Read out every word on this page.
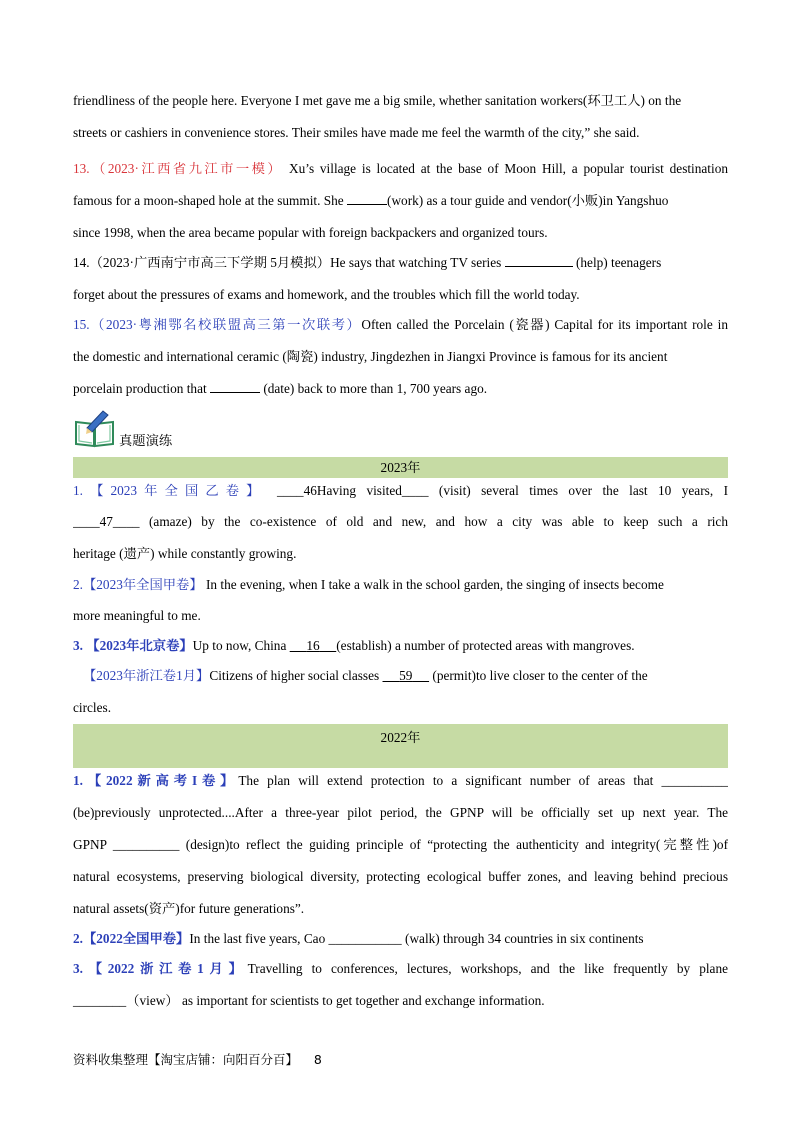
friendliness of the people here. Everyone I met gave me a big smile, whether sanitation workers(环卫工人) on the
streets or cashiers in convenience stores. Their smiles have made me feel the warmth of the city,” she said.
13.（2023·江西省九江市一模） Xu’s village is located at the base of Moon Hill, a popular tourist destination
famous for a moon-shaped hole at the summit. She	(work) as a tour guide and vendor(小贩)in Yangshuo
since 1998, when the area became popular with foreign backpackers and organized tours.
14.（2023·广西南宁市高三下学期 5月模拟）He says that watching TV series	(help) teenagers
forget about the pressures of exams and homework, and the troubles which fill the world today.
15.（2023·粤湘鄂名校联盟高三第一次联考）Often called the Porcelain (瓷器) Capital for its important role in
the domestic and international ceramic (陶瓷) industry, Jingdezhen in Jiangxi Province is famous for its ancient
porcelain production that	(date) back to more than 1, 700 years ago.
真题演练
2023年
1.【2023年全国乙卷】 ____46Having visited____ (visit) several times over the last 10 years, I
____47____ (amaze) by the co-existence of old and new, and how a city was able to keep such a rich
heritage (遗产) while constantly growing.
2.【2023年全国甲卷】 In the evening, when I take a walk in the school garden, the singing of insects become
more meaningful to me.
3. 【2023年北京卷】Up to now, China      16 (establish) a number of protected areas with mangroves.
【2023年浙江卷1月】Citizens of higher social classes      59      (permit)to live closer to the center of the
circles.
2022年
1.【2022新高考I卷】The plan will extend protection to a significant number of areas that __________
(be)previously unprotected....After a three-year pilot period, the GPNP will be officially set up next year. The
GPNP __________ (design)to reflect the guiding principle of “protecting the authenticity and integrity(完整性)of
natural ecosystems, preserving biological diversity, protecting ecological buffer zones, and leaving behind precious
natural assets(资产)for future generations”.
2.【2022全国甲卷】In the last five years, Cao ___________ (walk) through 34 countries in six continents
3.【2022浙江卷1月】Travelling to conferences, lectures, workshops, and the like frequently by plane
________（view） as important for scientists to get together and exchange information.
资料收集整理【淘宝店铺：向阳百分百】 8
